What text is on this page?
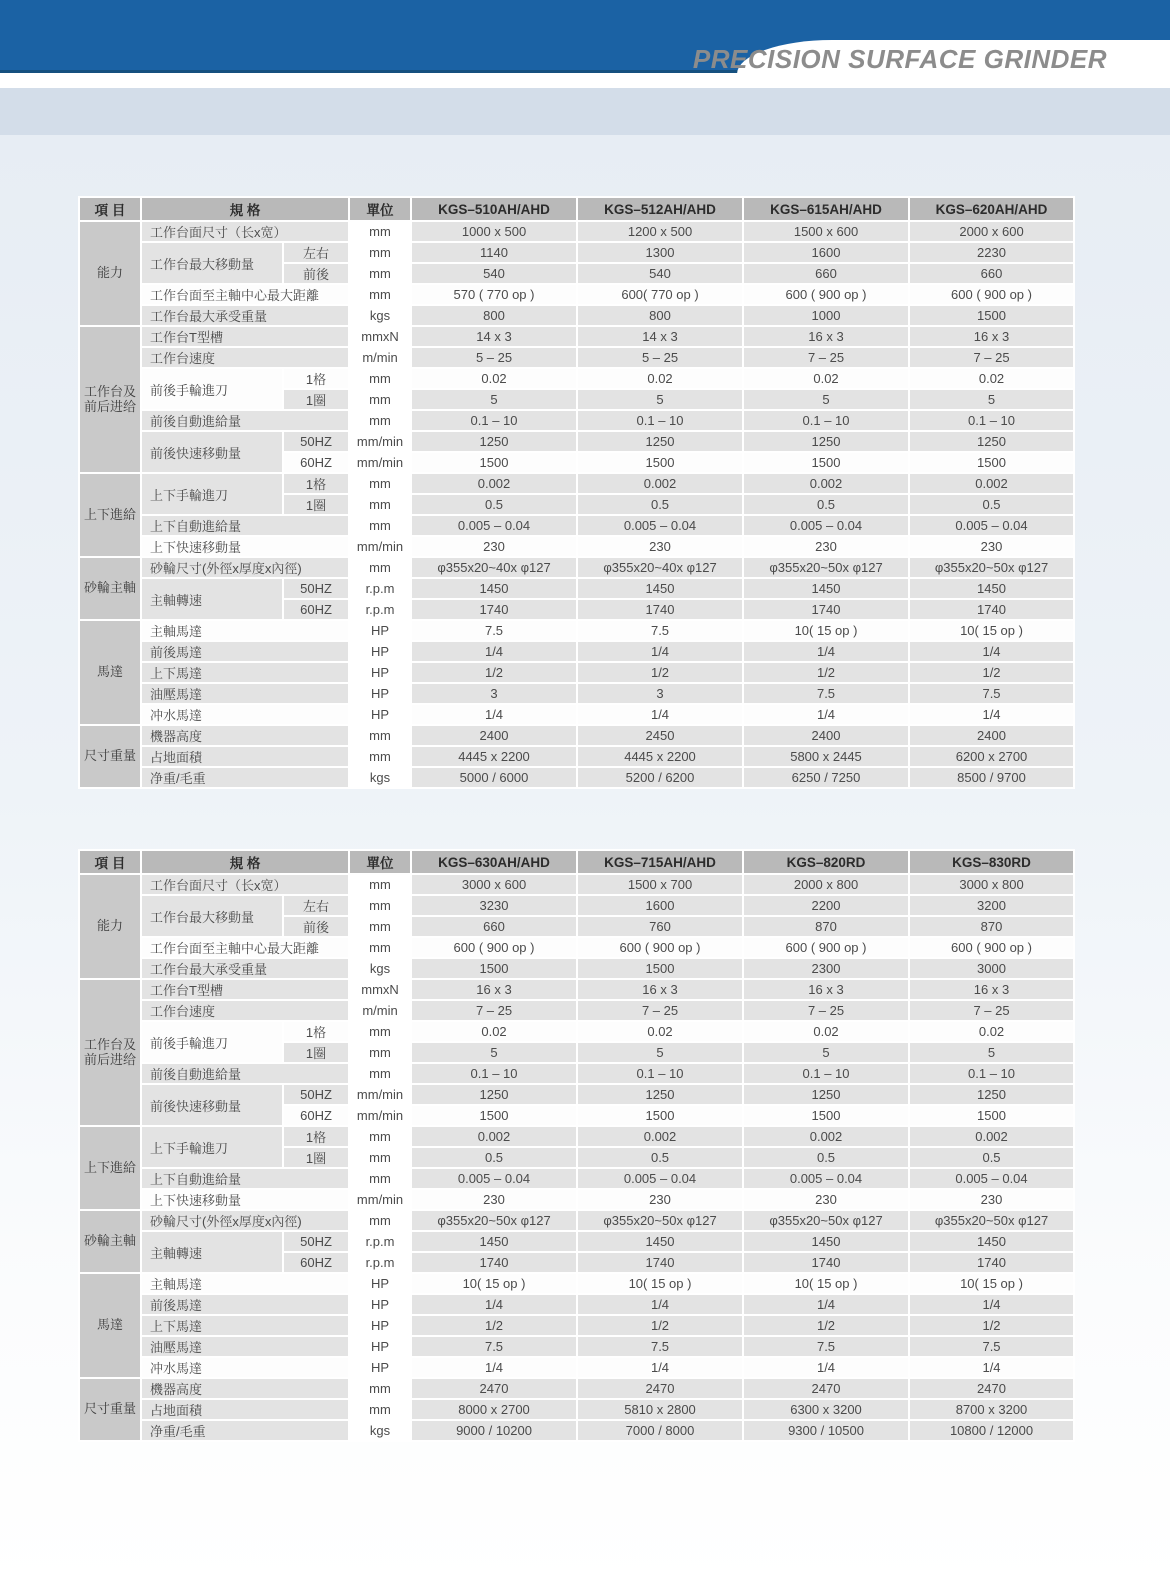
PRECISION SURFACE GRINDER
項 目	規 格		單位	KGS–510AH/AHD	KGS–512AH/AHD	KGS–615AH/AHD	KGS–620AH/AHD
能力	工作台面尺寸（长x宽）		mm	1000 x 500	1200 x 500	1500 x 600	2000 x 600
	工作台最大移動量	左右	mm	1140	1300	1600	2230
		前後	mm	540	540	660	660
	工作台面至主軸中心最大距離		mm	570 ( 770 op )	600( 770 op )	600 ( 900 op )	600 ( 900 op )
	工作台最大承受重量		kgs	800	800	1000	1500
工作台及
前后进给	工作台T型槽		mmxN	14 x 3	14 x 3	16 x 3	16 x 3
	工作台速度		m/min	5 – 25	5 – 25	7 – 25	7 – 25
	前後手輪進刀	1格	mm	0.02	0.02	0.02	0.02
		1圈	mm	5	5	5	5
	前後自動進給量		mm	0.1 – 10	0.1 – 10	0.1 – 10	0.1 – 10
	前後快速移動量	50HZ	mm/min	1250	1250	1250	1250
		60HZ	mm/min	1500	1500	1500	1500
上下進給	上下手輪進刀	1格	mm	0.002	0.002	0.002	0.002
		1圈	mm	0.5	0.5	0.5	0.5
	上下自動進給量		mm	0.005 – 0.04	0.005 – 0.04	0.005 – 0.04	0.005 – 0.04
	上下快速移動量		mm/min	230	230	230	230
砂輪主軸	砂輪尺寸(外徑x厚度x內徑)		mm	φ355x20~40x φ127	φ355x20~40x φ127	φ355x20~50x φ127	φ355x20~50x φ127
	主軸轉速	50HZ	r.p.m	1450	1450	1450	1450
		60HZ	r.p.m	1740	1740	1740	1740
馬達	主軸馬達		HP	7.5	7.5	10( 15 op )	10( 15 op )
	前後馬達		HP	1/4	1/4	1/4	1/4
	上下馬達		HP	1/2	1/2	1/2	1/2
	油壓馬達		HP	3	3	7.5	7.5
	冲水馬達		HP	1/4	1/4	1/4	1/4
尺寸重量	機器高度		mm	2400	2450	2400	2400
	占地面積		mm	4445 x 2200	4445 x 2200	5800 x 2445	6200 x 2700
	净重/毛重		kgs	5000 / 6000	5200 / 6200	6250 / 7250	8500 / 9700
項 目	規 格		單位	KGS–630AH/AHD	KGS–715AH/AHD	KGS–820RD	KGS–830RD
能力	工作台面尺寸（长x宽）		mm	3000 x 600	1500 x 700	2000 x 800	3000 x 800
	工作台最大移動量	左右	mm	3230	1600	2200	3200
		前後	mm	660	760	870	870
	工作台面至主軸中心最大距離		mm	600 ( 900 op )	600 ( 900 op )	600 ( 900 op )	600 ( 900 op )
	工作台最大承受重量		kgs	1500	1500	2300	3000
工作台及
前后进给	工作台T型槽		mmxN	16 x 3	16 x 3	16 x 3	16 x 3
	工作台速度		m/min	7 – 25	7 – 25	7 – 25	7 – 25
	前後手輪進刀	1格	mm	0.02	0.02	0.02	0.02
		1圈	mm	5	5	5	5
	前後自動進給量		mm	0.1 – 10	0.1 – 10	0.1 – 10	0.1 – 10
	前後快速移動量	50HZ	mm/min	1250	1250	1250	1250
		60HZ	mm/min	1500	1500	1500	1500
上下進給	上下手輪進刀	1格	mm	0.002	0.002	0.002	0.002
		1圈	mm	0.5	0.5	0.5	0.5
	上下自動進給量		mm	0.005 – 0.04	0.005 – 0.04	0.005 – 0.04	0.005 – 0.04
	上下快速移動量		mm/min	230	230	230	230
砂輪主軸	砂輪尺寸(外徑x厚度x內徑)		mm	φ355x20~50x φ127	φ355x20~50x φ127	φ355x20~50x φ127	φ355x20~50x φ127
	主軸轉速	50HZ	r.p.m	1450	1450	1450	1450
		60HZ	r.p.m	1740	1740	1740	1740
馬達	主軸馬達		HP	10( 15 op )	10( 15 op )	10( 15 op )	10( 15 op )
	前後馬達		HP	1/4	1/4	1/4	1/4
	上下馬達		HP	1/2	1/2	1/2	1/2
	油壓馬達		HP	7.5	7.5	7.5	7.5
	冲水馬達		HP	1/4	1/4	1/4	1/4
尺寸重量	機器高度		mm	2470	2470	2470	2470
	占地面積		mm	8000 x 2700	5810 x 2800	6300 x 3200	8700 x 3200
	净重/毛重		kgs	9000 / 10200	7000 / 8000	9300 / 10500	10800 / 12000
